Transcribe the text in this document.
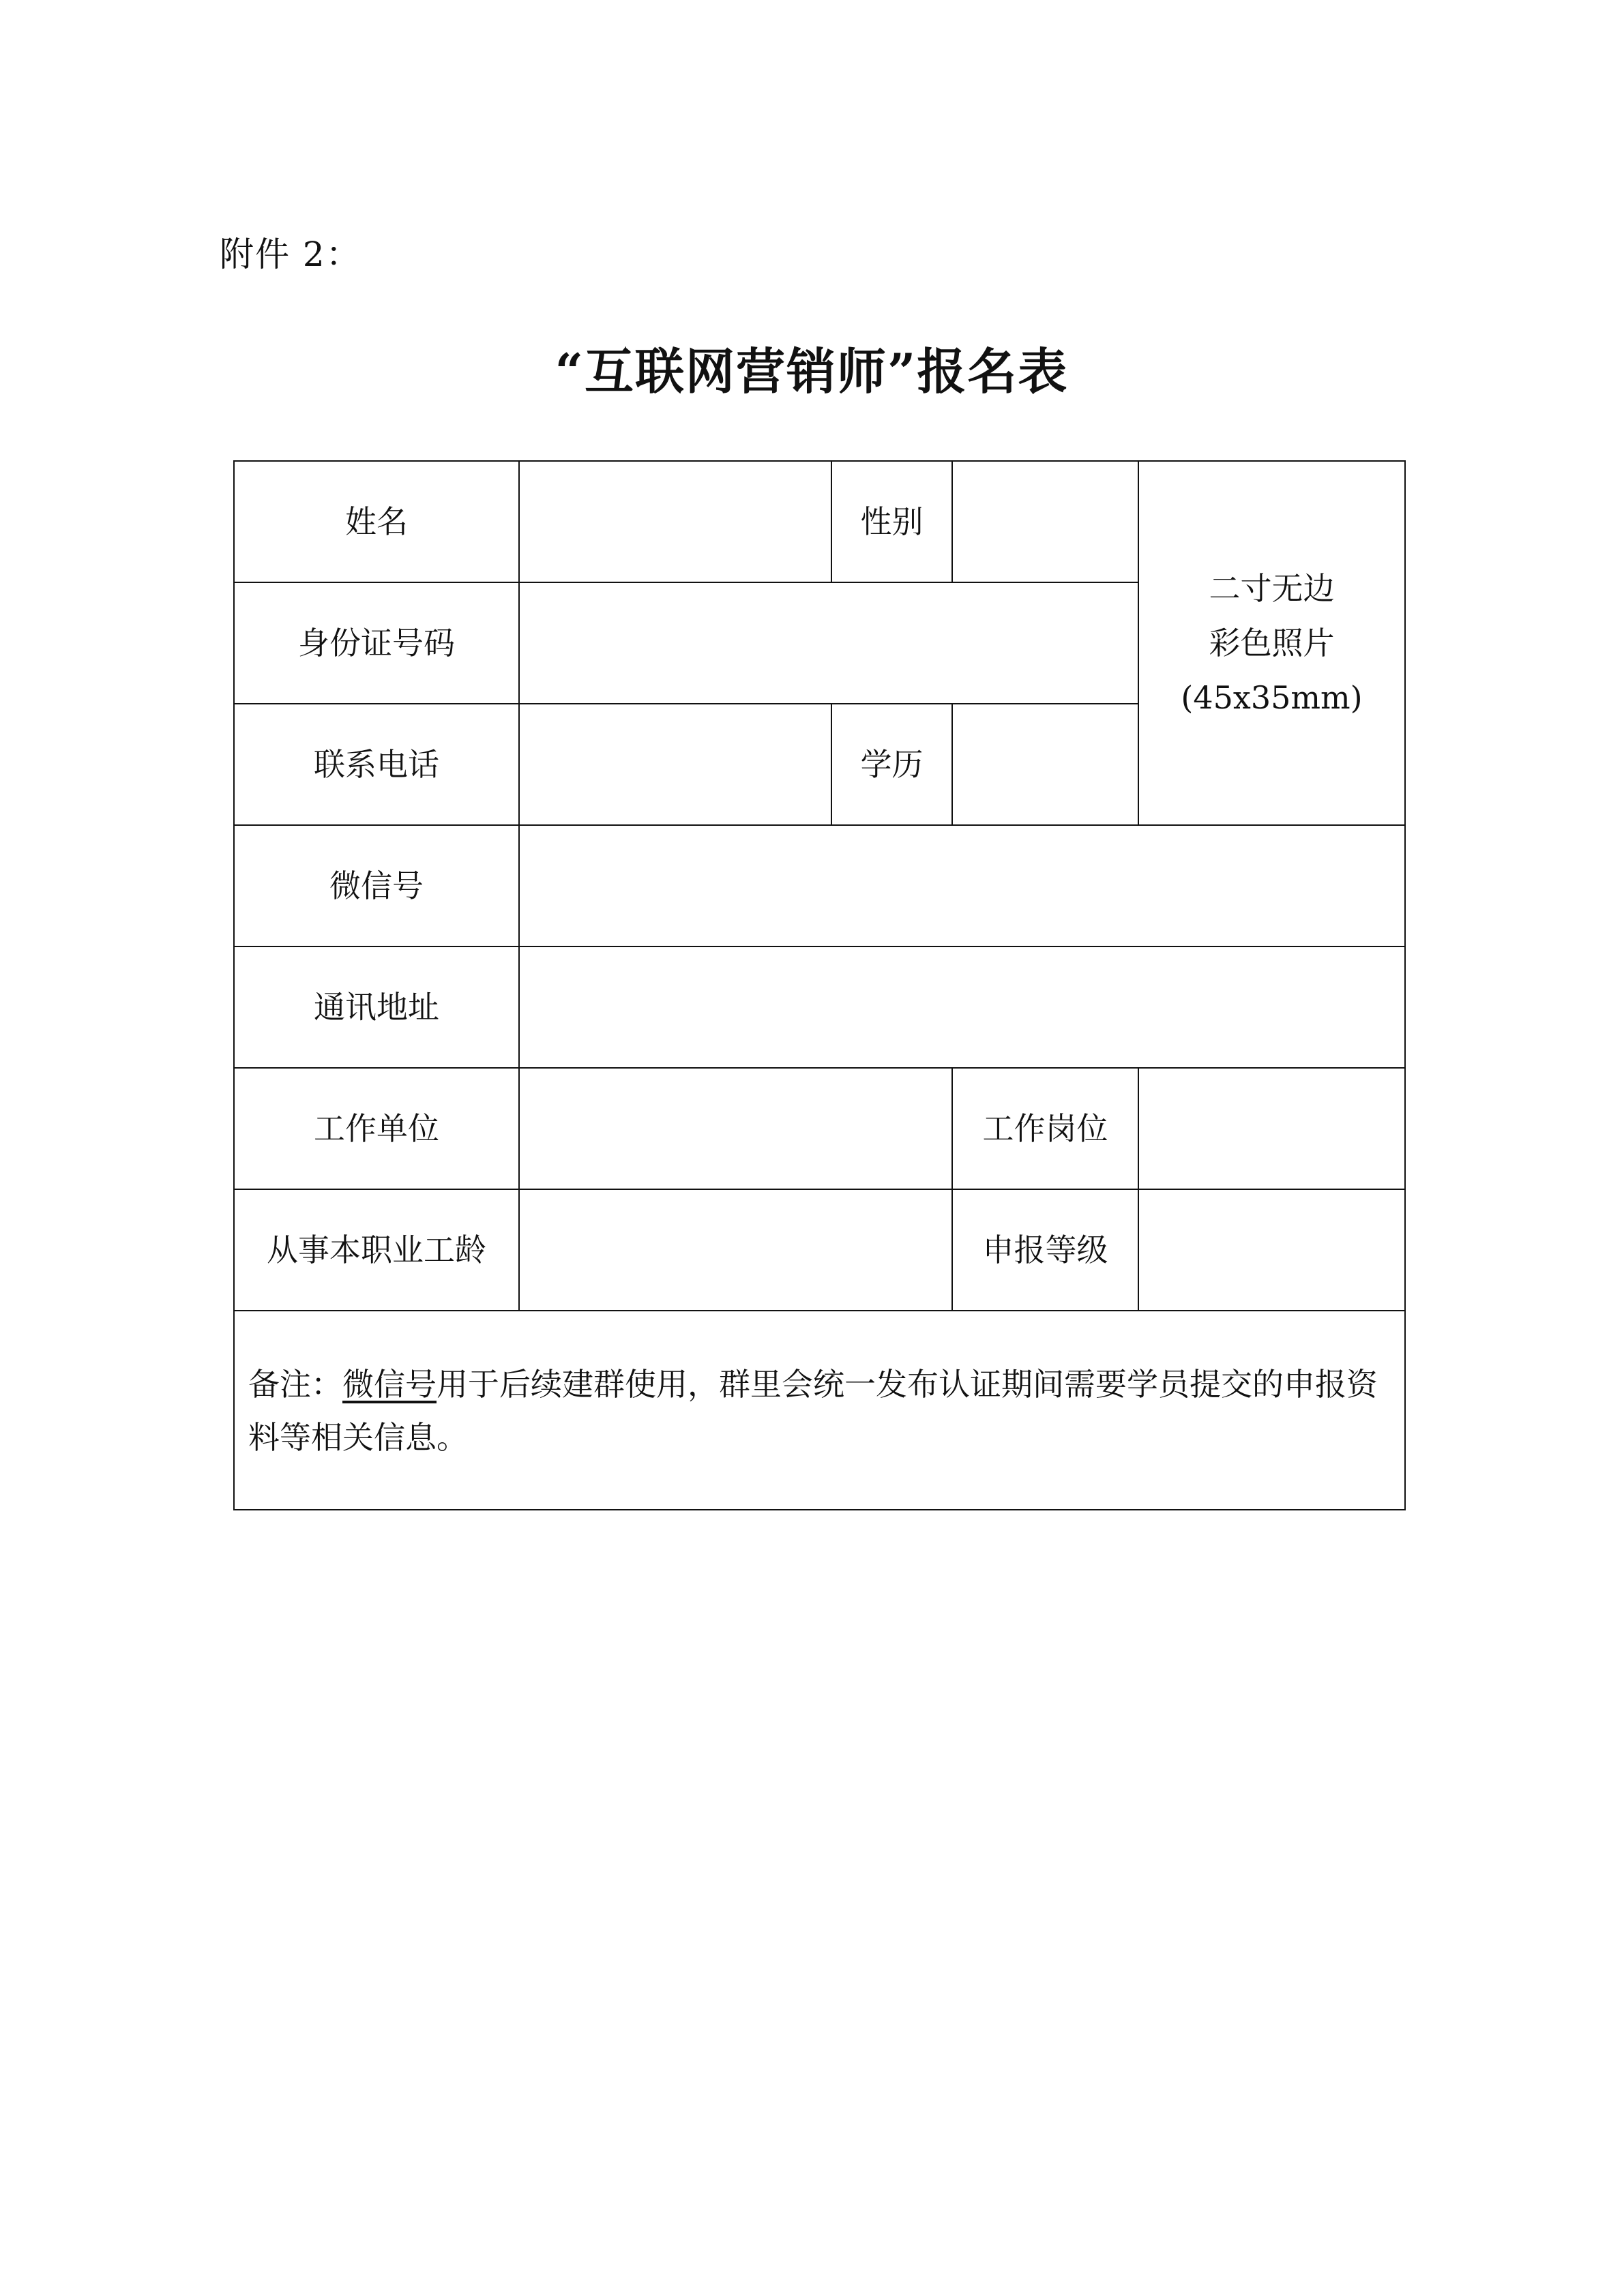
附件 2：
“互联网营销师”报名表
姓名		性别		二寸无边
彩色照片
(45x35mm)

身份证号码				
联系电话		学历		
微信号				
通讯地址				
工作单位			工作岗位	
从事本职业工龄			申报等级	
备注：微信号用于后续建群使用，群里会统一发布认证期间需要学员提交的申报资料等相关信息。				
